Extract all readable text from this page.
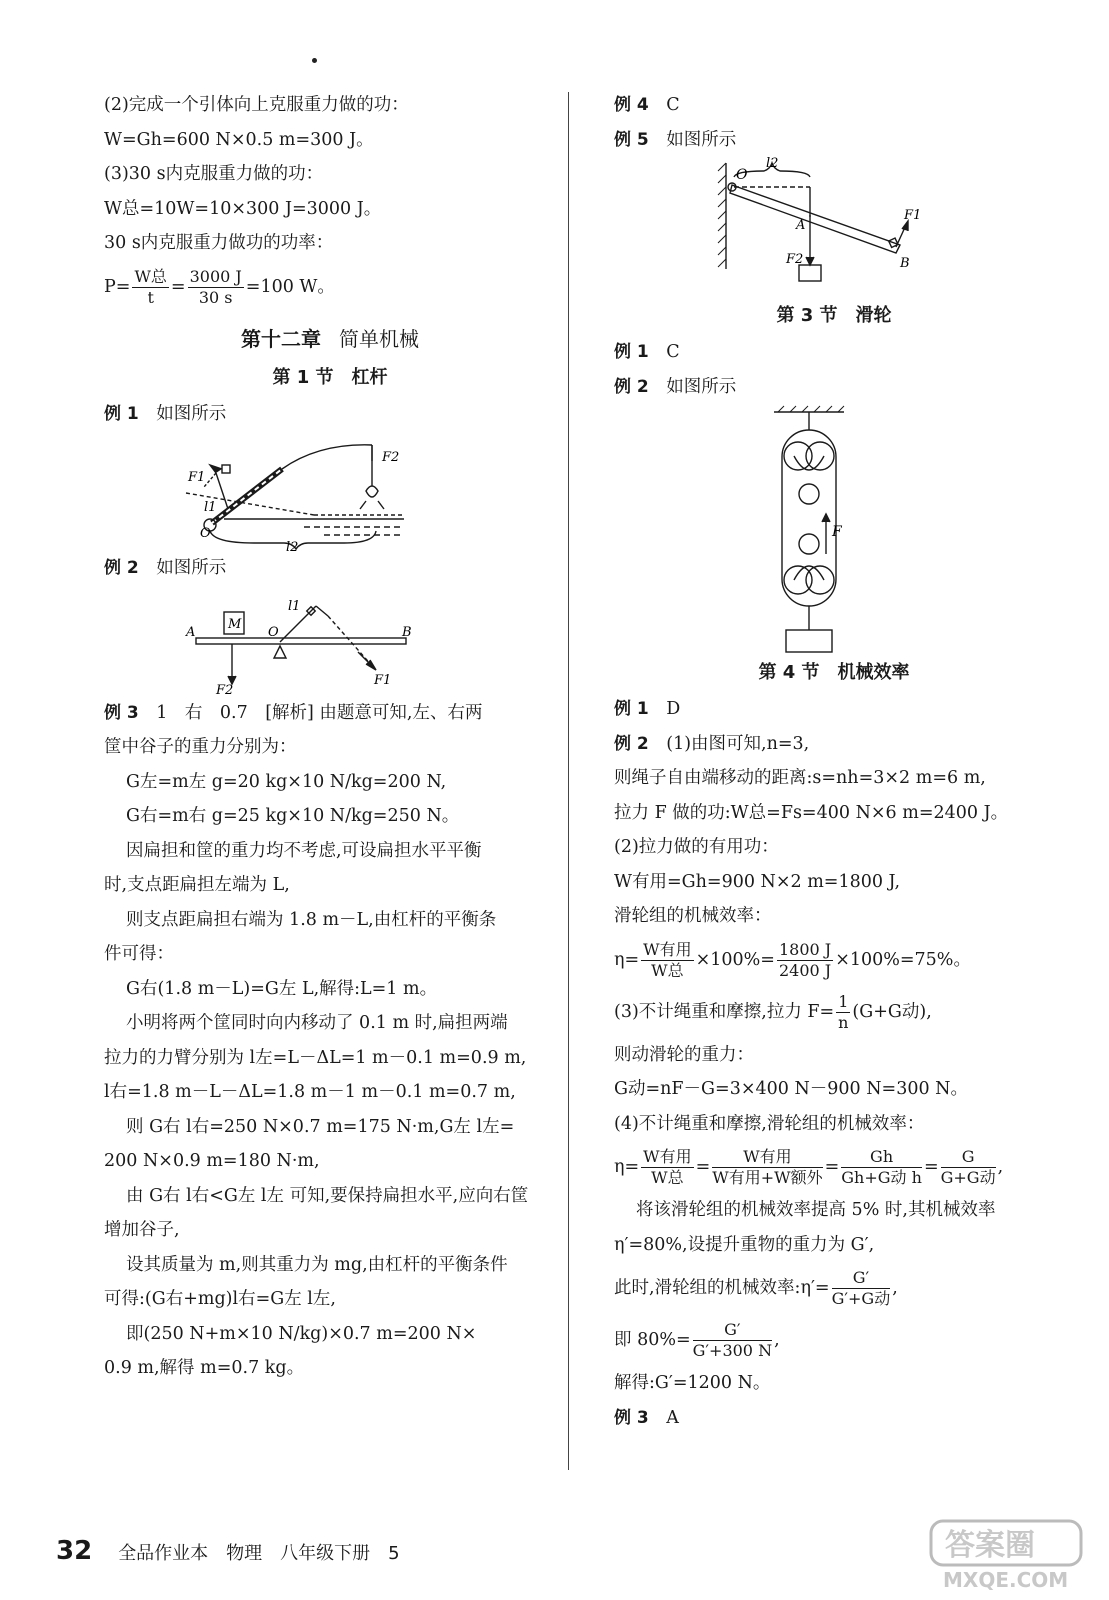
(2)完成一个引体向上克服重力做的功：
W=Gh=600 N×0.5 m=300 J。
(3)30 s内克服重力做的功：
W总=10W=10×300 J=3000 J。
30 s内克服重力做功的功率：
$P= \frac{\text{W总}}{t} = \frac{3000 J}{30 s} =100$ W。
第十二章 简单机械
第 1 节　杠杆
例 1　 如图所示
F1
l1
O
F2
l2
例 2　 如图所示
A
M
O	B
l1
F1
F2
例 3　 1　右　0.7　[解析] 由题意可知,左、右两
筐中谷子的重力分别为：
G左=m左 g=20 kg×10 N/kg=200 N,
G右=m右 g=25 kg×10 N/kg=250 N。
因扁担和筐的重力均不考虑,可设扁担水平平衡
时,支点距扁担左端为 L,
则支点距扁担右端为 1.8 m－L,由杠杆的平衡条
件可得：
G右(1.8 m－L)=G左 L,解得:L=1 m。
小明将两个筐同时向内移动了 0.1 m 时,扁担两端
拉力的力臂分别为 l左=L－ΔL=1 m－0.1 m=0.9 m,
l右=1.8 m－L－ΔL=1.8 m－1 m－0.1 m=0.7 m,
则 G右 l右=250 N×0.7 m=175 N·m,G左 l左=
200 N×0.9 m=180 N·m,
由 G右 l右<G左 l左 可知,要保持扁担水平,应向右筐
增加谷子,
设其质量为 m,则其重力为 mg,由杠杆的平衡条件
可得:(G右+mg)l右=G左 l左,
即(250 N+m×10 N/kg)×0.7 m=200 N×
0.9 m,解得 m=0.7 kg。
例 4　 C
例 5　 如图所示
O
l2
A
F1
B
F2
第 3 节　滑轮
例 1　 C
例 2　 如图所示
F
第 4 节　机械效率
例 1　 D
例 2　 (1)由图可知,n=3,
则绳子自由端移动的距离:s=nh=3×2 m=6 m,
拉力 F 做的功:W总=Fs=400 N×6 m=2400 J。
(2)拉力做的有用功：
W有用=Gh=900 N×2 m=1800 J,
滑轮组的机械效率：
$\eta= \frac{\text{W有用}}{\text{W总}} \times 100\%= \frac{1800 J}{2400 J} \times 100\%=75\%$。
(3)不计绳重和摩擦,拉力 $F= \frac{1}{n} (G+G$动),
则动滑轮的重力：
G动=nF－G=3×400 N－900 N=300 N。
(4)不计绳重和摩擦,滑轮组的机械效率：
$\eta= \frac{\text{W有用}}{\text{W总}} = \frac{\text{W有用}}{\text{W有用+W额外}} = \frac{Gh}{\text{Gh+G动 h}} = \frac{G}{\text{G+G动}}$ ,
将该滑轮组的机械效率提高 5% 时,其机械效率
η′=80%,设提升重物的重力为 G′,
此时,滑轮组的机械效率:η′= $\frac{G'}{\text{G′+G动}}$ ,
即 $80\%= \frac{G'}{G'+300 N}$ ,
解得:G′=1200 N。
例 3　 A
32 全品作业本　物理　八年级下册　5	答案圈
MXQE.COM
